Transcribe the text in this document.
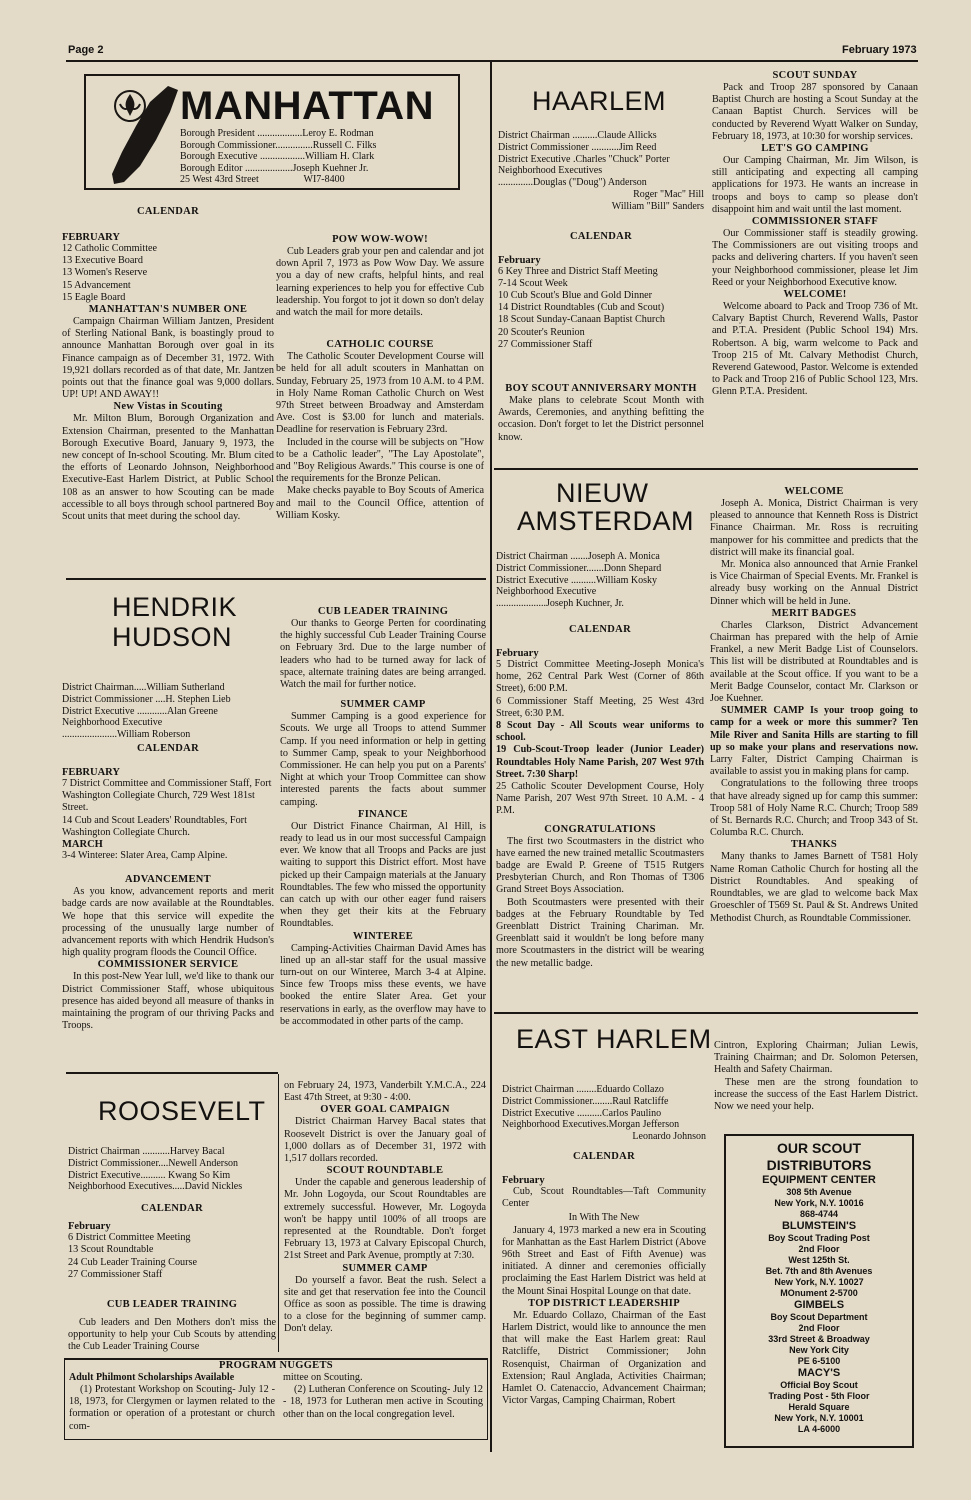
Page 2	February 1973
MANHATTAN
Borough President ..................Leroy E. Rodman
Borough Commissioner...............Russell C. Filks
Borough Executive ..................William H. Clark
Borough Editor ...................Joseph Kuehner Jr.
25 West 43rd Street                  WI7-8400
CALENDAR
FEBRUARY
12 Catholic Committee
13 Executive Board
13 Women's Reserve
15 Advancement
15 Eagle Board
MANHATTAN'S NUMBER ONE

Campaign Chairman William Jantzen, President of Sterling National Bank, is boastingly proud to announce Manhattan Borough over goal in its Finance campaign as of December 31, 1972. With 19,921 dollars recorded as of that date, Mr. Jantzen points out that the finance goal was 9,000 dollars. UP! UP! AND AWAY!!

New Vistas in Scouting

Mr. Milton Blum, Borough Organization and Extension Chairman, presented to the Manhattan Borough Executive Board, January 9, 1973, the new concept of In-school Scouting. Mr. Blum cited the efforts of Leonardo Johnson, Neighborhood Executive-East Harlem District, at Public School 108 as an answer to how Scouting can be made accessible to all boys through school partnered Boy Scout units that meet during the school day.

POW WOW-WOW!

Cub Leaders grab your pen and calendar and jot down April 7, 1973 as Pow Wow Day. We assure you a day of new crafts, helpful hints, and real learning experiences to help you for effective Cub leadership. You forgot to jot it down so don't delay and watch the mail for more details.

CATHOLIC COURSE

The Catholic Scouter Development Course will be held for all adult scouters in Manhattan on Sunday, February 25, 1973 from 10 A.M. to 4 P.M. in Holy Name Roman Catholic Church on West 97th Street between Broadway and Amsterdam Ave. Cost is $3.00 for lunch and materials. Deadline for reservation is February 23rd.

Included in the course will be subjects on "How to be a Catholic leader", "The Lay Apostolate", and "Boy Religious Awards." This course is one of the requirements for the Bronze Pelican.

Make checks payable to Boy Scouts of America and mail to the Council Office, attention of William Kosky.

HENDRIK
HUDSON
District Chairman.....William Sutherland
District Commissioner ....H. Stephen Lieb
District Executive ............Alan Greene
Neighborhood Executive
......................William Roberson
CALENDAR
FEBRUARY
7 District Committee and Commissioner Staff, Fort Washington Collegiate Church, 729 West 181st Street.
14 Cub and Scout Leaders' Roundtables, Fort Washington Collegiate Church.
MARCH
3-4 Winteree: Slater Area, Camp Alpine.
ADVANCEMENT

As you know, advancement reports and merit badge cards are now available at the Roundtables. We hope that this service will expedite the processing of the unusually large number of advancement reports with which Hendrik Hudson's high quality program floods the Council Office.

COMMISSIONER SERVICE

In this post-New Year lull, we'd like to thank our District Commissioner Staff, whose ubiquitous presence has aided beyond all measure of thanks in maintaining the program of our thriving Packs and Troops.

CUB LEADER TRAINING

Our thanks to George Perten for coordinating the highly successful Cub Leader Training Course on February 3rd. Due to the large number of leaders who had to be turned away for lack of space, alternate training dates are being arranged. Watch the mail for further notice.

SUMMER CAMP

Summer Camping is a good experience for Scouts. We urge all Troops to attend Summer Camp. If you need information or help in getting to Summer Camp, speak to your Neighborhood Commissioner. He can help you put on a Parents' Night at which your Troop Committee can show interested parents the facts about summer camping.

FINANCE

Our District Finance Chairman, Al Hill, is ready to lead us in our most successful Campaign ever. We know that all Troops and Packs are just waiting to support this District effort. Most have picked up their Campaign materials at the January Roundtables. The few who missed the opportunity can catch up with our other eager fund raisers when they get their kits at the February Roundtables.

WINTEREE

Camping-Activities Chairman David Ames has lined up an all-star staff for the usual massive turn-out on our Winteree, March 3-4 at Alpine. Since few Troops miss these events, we have booked the entire Slater Area. Get your reservations in early, as the overflow may have to be accommodated in other parts of the camp.

ROOSEVELT
District Chairman ...........Harvey Bacal
District Commissioner....Newell Anderson
District Executive.......... Kwang So Kim
Neighborhood Executives.....David Nickles
CALENDAR
February
6 District Committee Meeting
13 Scout Roundtable
24 Cub Leader Training Course
27 Commissioner Staff
CUB LEADER TRAINING

Cub leaders and Den Mothers don't miss the opportunity to help your Cub Scouts by attending the Cub Leader Training Course

on February 24, 1973, Vanderbilt Y.M.C.A., 224 East 47th Street, at 9:30 - 4:00.
OVER GOAL CAMPAIGN

District Chairman Harvey Bacal states that Roosevelt District is over the January goal of 1,000 dollars as of December 31, 1972 with 1,517 dollars recorded.

SCOUT ROUNDTABLE

Under the capable and generous leadership of Mr. John Logoyda, our Scout Roundtables are extremely successful. However, Mr. Logoyda won't be happy until 100% of all troops are represented at the Roundtable. Don't forget February 13, 1973 at Calvary Episcopal Church, 21st Street and Park Avenue, promptly at 7:30.

SUMMER CAMP

Do yourself a favor. Beat the rush. Select a site and get that reservation fee into the Council Office as soon as possible. The time is drawing to a close for the beginning of summer camp. Don't delay.

PROGRAM NUGGETS
Adult Philmont Scholarships Available

(1) Protestant Workshop on Scouting- July 12 - 18, 1973, for Clergymen or laymen related to the formation or operation of a protestant or church com-

mittee on Scouting.

(2) Lutheran Conference on Scouting- July 12 - 18, 1973 for Lutheran men active in Scouting other than on the local congregation level.

HAARLEM
District Chairman ..........Claude Allicks
District Commissioner ...........Jim Reed
District Executive .Charles "Chuck" Porter
Neighborhood Executives
..............Douglas ("Doug") Anderson
Roger "Mac" Hill
William "Bill" Sanders
CALENDAR
February
6 Key Three and District Staff Meeting
7-14 Scout Week
10 Cub Scout's Blue and Gold Dinner
14 District Roundtables (Cub and Scout)
18 Scout Sunday-Canaan Baptist Church
20 Scouter's Reunion
27 Commissioner Staff
BOY SCOUT ANNIVERSARY MONTH

Make plans to celebrate Scout Month with Awards, Ceremonies, and anything befitting the occasion. Don't forget to let the District personnel know.

SCOUT SUNDAY

Pack and Troop 287 sponsored by Canaan Baptist Church are hosting a Scout Sunday at the Canaan Baptist Church. Services will be conducted by Reverend Wyatt Walker on Sunday, February 18, 1973, at 10:30 for worship services.

LET'S GO CAMPING

Our Camping Chairman, Mr. Jim Wilson, is still anticipating and expecting all camping applications for 1973. He wants an increase in troops and boys to camp so please don't disappoint him and wait until the last moment.

COMMISSIONER STAFF

Our Commissioner staff is steadily growing. The Commissioners are out visiting troops and packs and delivering charters. If you haven't seen your Neighborhood commissioner, please let Jim Reed or your Neighborhood Executive know.

WELCOME!

Welcome aboard to Pack and Troop 736 of Mt. Calvary Baptist Church, Reverend Walls, Pastor and P.T.A. President (Public School 194) Mrs. Robertson. A big, warm welcome to Pack and Troop 215 of Mt. Calvary Methodist Church, Reverend Gatewood, Pastor. Welcome is extended to Pack and Troop 216 of Public School 123, Mrs. Glenn P.T.A. President.

NIEUW
AMSTERDAM
District Chairman .......Joseph A. Monica
District Commissioner.......Donn Shepard
District Executive ..........William Kosky
Neighborhood Executive
....................Joseph Kuchner, Jr.
CALENDAR
February
5 District Committee Meeting-Joseph Monica's home, 262 Central Park West (Corner of 86th Street), 6:00 P.M.
6 Commissioner Staff Meeting, 25 West 43rd Street, 6:30 P.M.
8 Scout Day - All Scouts wear uniforms to school.
19 Cub-Scout-Troop leader (Junior Leader) Roundtables Holy Name Parish, 207 West 97th Street. 7:30 Sharp!
25 Catholic Scouter Development Course, Holy Name Parish, 207 West 97th Street. 10 A.M. - 4 P.M.
CONGRATULATIONS

The first two Scoutmasters in the district who have earned the new trained metallic Scoutmasters badge are Ewald P. Greene of T515 Rutgers Presbyterian Church, and Ron Thomas of T306 Grand Street Boys Association.

Both Scoutmasters were presented with their badges at the February Roundtable by Ted Greenblatt District Training Chariman. Mr. Greenblatt said it wouldn't be long before many more Scoutmasters in the district will be wearing the new metallic badge.

WELCOME

Joseph A. Monica, District Chairman is very pleased to announce that Kenneth Ross is District Finance Chairman. Mr. Ross is recruiting manpower for his committee and predicts that the district will make its financial goal.

Mr. Monica also announced that Arnie Frankel is Vice Chairman of Special Events. Mr. Frankel is already busy working on the Annual District Dinner which will be held in June.

MERIT BADGES

Charles Clarkson, District Advancement Chairman has prepared with the help of Arnie Frankel, a new Merit Badge List of Counselors. This list will be distributed at Roundtables and is available at the Scout office. If you want to be a Merit Badge Counselor, contact Mr. Clarkson or Joe Kuehner.

SUMMER CAMP Is your troop going to camp for a week or more this summer? Ten Mile River and Sanita Hills are starting to fill up so make your plans and reservations now. Larry Falter, District Camping Chairman is available to assist you in making plans for camp.

Congratulations to the following three troops that have already signed up for camp this summer: Troop 581 of Holy Name R.C. Church; Troop 589 of St. Bernards R.C. Church; and Troop 343 of St. Columba R.C. Church.

THANKS

Many thanks to James Barnett of T581 Holy Name Roman Catholic Church for hosting all the District Roundtables. And speaking of Roundtables, we are glad to welcome back Max Groeschler of T569 St. Paul & St. Andrews United Methodist Church, as Roundtable Commissioner.

EAST HARLEM
District Chairman ........Eduardo Collazo
District Commissioner........Raul Ratcliffe
District Executive ..........Carlos Paulino
Neighborhood Executives.Morgan Jefferson
Leonardo Johnson
CALENDAR
February

Cub, Scout Roundtables—Taft Community Center

In With The New

January 4, 1973 marked a new era in Scouting for Manhattan as the East Harlem District (Above 96th Street and East of Fifth Avenue) was initiated. A dinner and ceremonies officially proclaiming the East Harlem District was held at the Mount Sinai Hospital Lounge on that date.

TOP DISTRICT LEADERSHIP

Mr. Eduardo Collazo, Chairman of the East Harlem District, would like to announce the men that will make the East Harlem great: Raul Ratcliffe, District Commissioner; John Rosenquist, Chairman of Organization and Extension; Raul Anglada, Activities Chairman; Hamlet O. Catenaccio, Advancement Chairman; Victor Vargas, Camping Chairman, Robert

Cintron, Exploring Chairman; Julian Lewis, Training Chairman; and Dr. Solomon Petersen, Health and Safety Chairman.

These men are the strong foundation to increase the success of the East Harlem District. Now we need your help.

OUR SCOUT DISTRIBUTORS
EQUIPMENT CENTER
308 5th Avenue
New York, N.Y. 10016
868-4744
BLUMSTEIN'S
Boy Scout Trading Post
2nd Floor
West 125th St.
Bet. 7th and 8th Avenues
New York, N.Y. 10027
MOnument 2-5700
GIMBELS
Boy Scout Department
2nd Floor
33rd Street & Broadway
New York City
PE 6-5100
MACY'S
Official Boy Scout
Trading Post - 5th Floor
Herald Square
New York, N.Y. 10001
LA 4-6000
